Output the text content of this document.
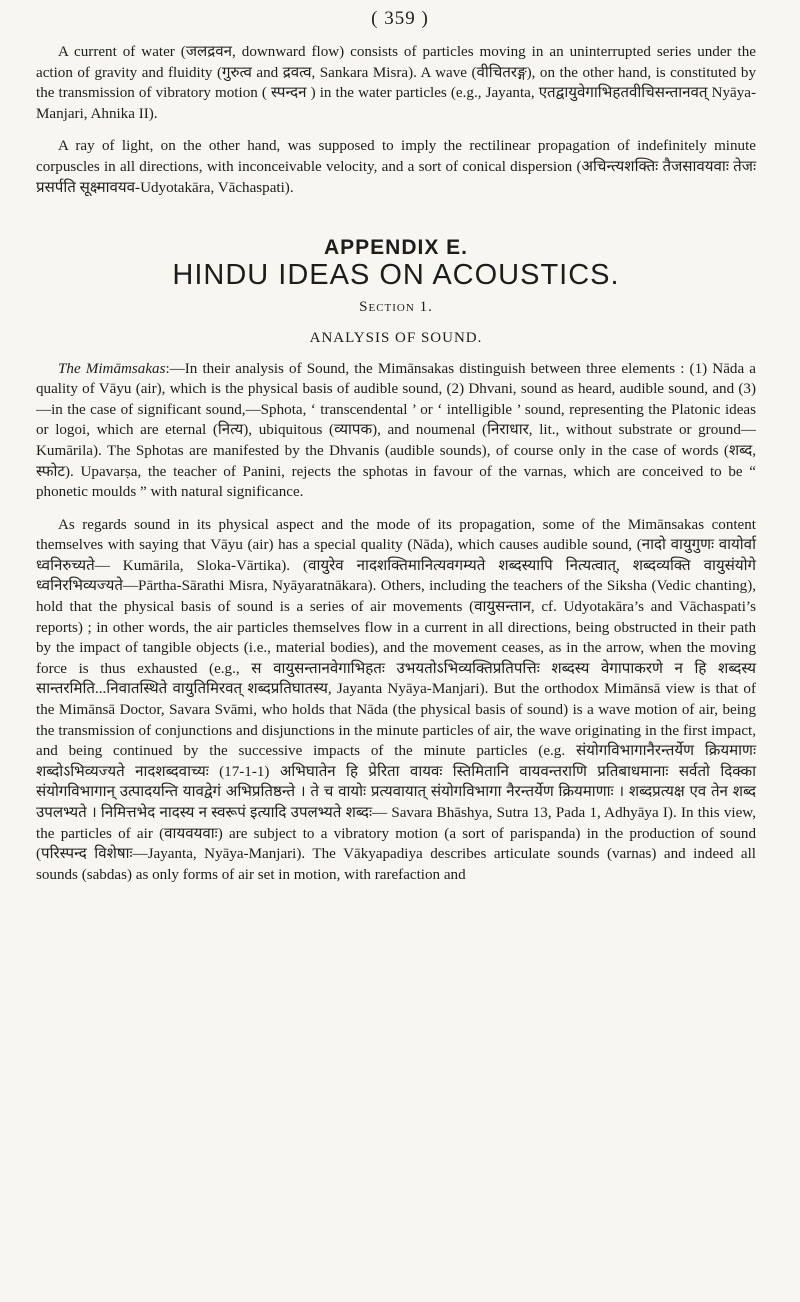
( 359 )

A current of water (जलद्रवन, downward flow) consists of particles moving in an uninterrupted series under the action of gravity and fluidity (गुरुत्व and द्रवत्व, Sankara Misra). A wave (वीचितरङ्ग), on the other hand, is constituted by the transmission of vibratory motion ( स्पन्दन ) in the water particles (e.g., Jayanta, एतद्वायुवेगाभिहतवीचिसन्तानवत् Nyāya-Manjari, Ahnika II).

A ray of light, on the other hand, was supposed to imply the rectilinear propagation of indefinitely minute corpuscles in all directions, with inconceivable velocity, and a sort of conical dispersion (अचिन्त्यशक्तिः तैजसावयवाः तेजः प्रसर्पति सूक्ष्मावयव-Udyotakāra, Vāchaspati).

APPENDIX E.
HINDU IDEAS ON ACOUSTICS.
Section 1.
ANALYSIS OF SOUND.

The Mimāmsakas:—In their analysis of Sound, the Mimānsakas distinguish between three elements : (1) Nāda a quality of Vāyu (air), which is the physical basis of audible sound, (2) Dhvani, sound as heard, audible sound, and (3)—in the case of significant sound,—Sphota, ‘ transcendental ’ or ‘ intelligible ’ sound, representing the Platonic ideas or logoi, which are eternal (नित्य), ubiquitous (व्यापक), and noumenal (निराधार, lit., without substrate or ground—Kumārila). The Sphotas are manifested by the Dhvanis (audible sounds), of course only in the case of words (शब्द, स्फोट). Upavarṣa, the teacher of Panini, rejects the sphotas in favour of the varnas, which are conceived to be “ phonetic moulds ” with natural significance.

As regards sound in its physical aspect and the mode of its propagation, some of the Mimānsakas content themselves with saying that Vāyu (air) has a special quality (Nāda), which causes audible sound, (नादो वायुगुणः वायोर्वा ध्वनिरुच्यते— Kumārila, Sloka-Vārtika). (वायुरेव नादशक्तिमानित्यवगम्यते शब्दस्यापि नित्यत्वात्, शब्दव्यक्ति वायुसंयोगे ध्वनिरभिव्यज्यते—Pārtha-Sārathi Misra, Nyāyaratnākara). Others, including the teachers of the Siksha (Vedic chanting), hold that the physical basis of sound is a series of air movements (वायुसन्तान, cf. Udyotakāra’s and Vāchaspati’s reports) ; in other words, the air particles themselves flow in a current in all directions, being obstructed in their path by the impact of tangible objects (i.e., material bodies), and the movement ceases, as in the arrow, when the moving force is thus exhausted (e.g., स वायुसन्तानवेगाभिहतः उभयतोऽभिव्यक्तिप्रतिपत्तिः शब्दस्य वेगापाकरणे न हि शब्दस्य सान्तरमिति...निवातस्थिते वायुतिमिरवत् शब्दप्रतिघातस्य, Jayanta Nyāya-Manjari). But the orthodox Mimānsā view is that of the Mimānsā Doctor, Savara Svāmi, who holds that Nāda (the physical basis of sound) is a wave motion of air, being the transmission of conjunctions and disjunctions in the minute particles of air, the wave originating in the first impact, and being continued by the successive impacts of the minute particles (e.g. संयोगविभागानैरन्तर्येण क्रियमाणः शब्दोऽभिव्यज्यते नादशब्दवाच्यः (17-1-1) अभिघातेन हि प्रेरिता वायवः स्तिमितानि वायवन्तराणि प्रतिबाधमानाः सर्वतो दिक्का संयोगविभागान् उत्पादयन्ति यावद्वेगं अभिप्रतिष्ठन्ते । ते च वायोः प्रत्यवायात् संयोगविभागा नैरन्तर्येण क्रियमाणाः । शब्दप्रत्यक्ष एव तेन शब्द उपलभ्यते । निमित्तभेद नादस्य न स्वरूपं इत्यादि उपलभ्यते शब्दः— Savara Bhāshya, Sutra 13, Pada 1, Adhyāya I). In this view, the particles of air (वायवयवाः) are subject to a vibratory motion (a sort of parispanda) in the production of sound (परिस्पन्द विशेषाः—Jayanta, Nyāya-Manjari). The Vākyapadiya describes articulate sounds (varnas) and indeed all sounds (sabdas) as only forms of air set in motion, with rarefaction and
